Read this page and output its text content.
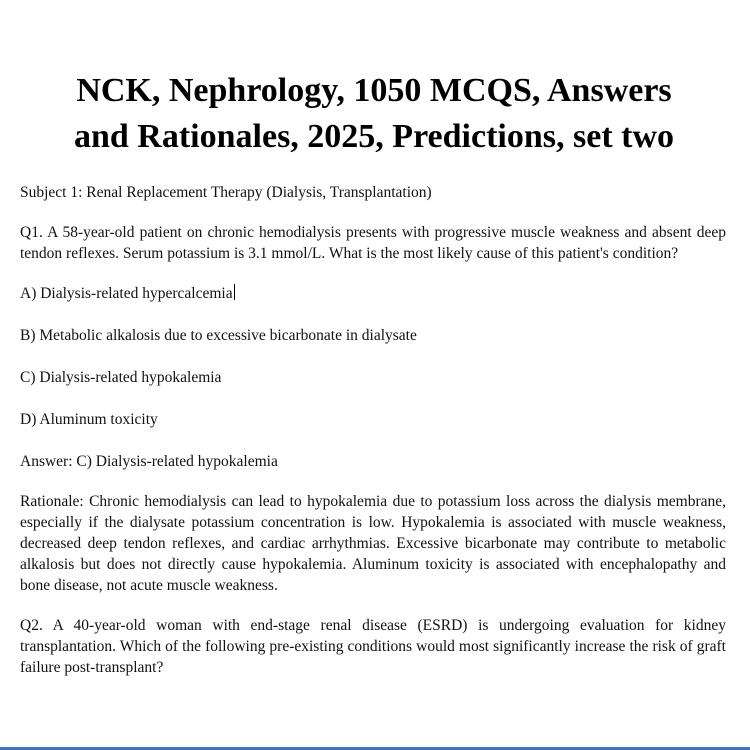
NCK, Nephrology, 1050 MCQS, Answers
and Rationales, 2025, Predictions, set two

Subject 1: Renal Replacement Therapy (Dialysis, Transplantation)

Q1. A 58-year-old patient on chronic hemodialysis presents with progressive muscle weakness and absent deep tendon reflexes. Serum potassium is 3.1 mmol/L. What is the most likely cause of this patient's condition?

A) Dialysis-related hypercalcemia

B) Metabolic alkalosis due to excessive bicarbonate in dialysate

C) Dialysis-related hypokalemia

D) Aluminum toxicity

Answer: C) Dialysis-related hypokalemia

Rationale: Chronic hemodialysis can lead to hypokalemia due to potassium loss across the dialysis membrane, especially if the dialysate potassium concentration is low. Hypokalemia is associated with muscle weakness, decreased deep tendon reflexes, and cardiac arrhythmias. Excessive bicarbonate may contribute to metabolic alkalosis but does not directly cause hypokalemia. Aluminum toxicity is associated with encephalopathy and bone disease, not acute muscle weakness.

Q2. A 40-year-old woman with end-stage renal disease (ESRD) is undergoing evaluation for kidney transplantation. Which of the following pre-existing conditions would most significantly increase the risk of graft failure post-transplant?
